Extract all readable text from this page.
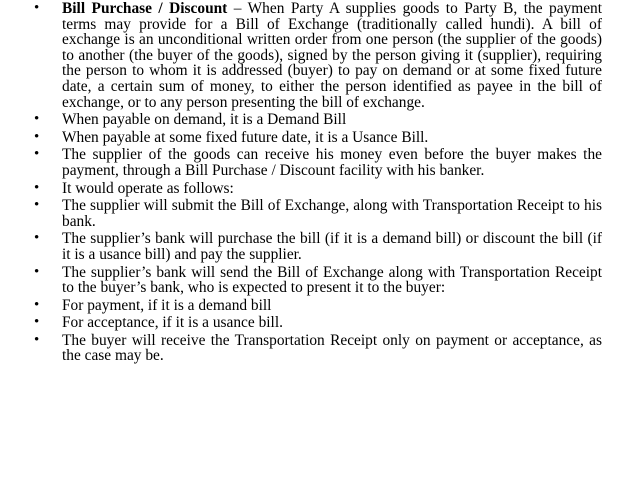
• Bill Purchase / Discount – When Party A supplies goods to Party B, the payment terms may provide for a Bill of Exchange (traditionally called hundi). A bill of exchange is an unconditional written order from one person (the supplier of the goods) to another (the buyer of the goods), signed by the person giving it (supplier), requiring the person to whom it is addressed (buyer) to pay on demand or at some fixed future date, a certain sum of money, to either the person identified as payee in the bill of exchange, or to any person presenting the bill of exchange.
• When payable on demand, it is a Demand Bill
• When payable at some fixed future date, it is a Usance Bill.
• The supplier of the goods can receive his money even before the buyer makes the payment, through a Bill Purchase / Discount facility with his banker.
• It would operate as follows:
• The supplier will submit the Bill of Exchange, along with Transportation Receipt to his bank.
• The supplier’s bank will purchase the bill (if it is a demand bill) or discount the bill (if it is a usance bill) and pay the supplier.
• The supplier’s bank will send the Bill of Exchange along with Transportation Receipt to the buyer’s bank, who is expected to present it to the buyer:
• For payment, if it is a demand bill
• For acceptance, if it is a usance bill.
• The buyer will receive the Transportation Receipt only on payment or acceptance, as the case may be.
